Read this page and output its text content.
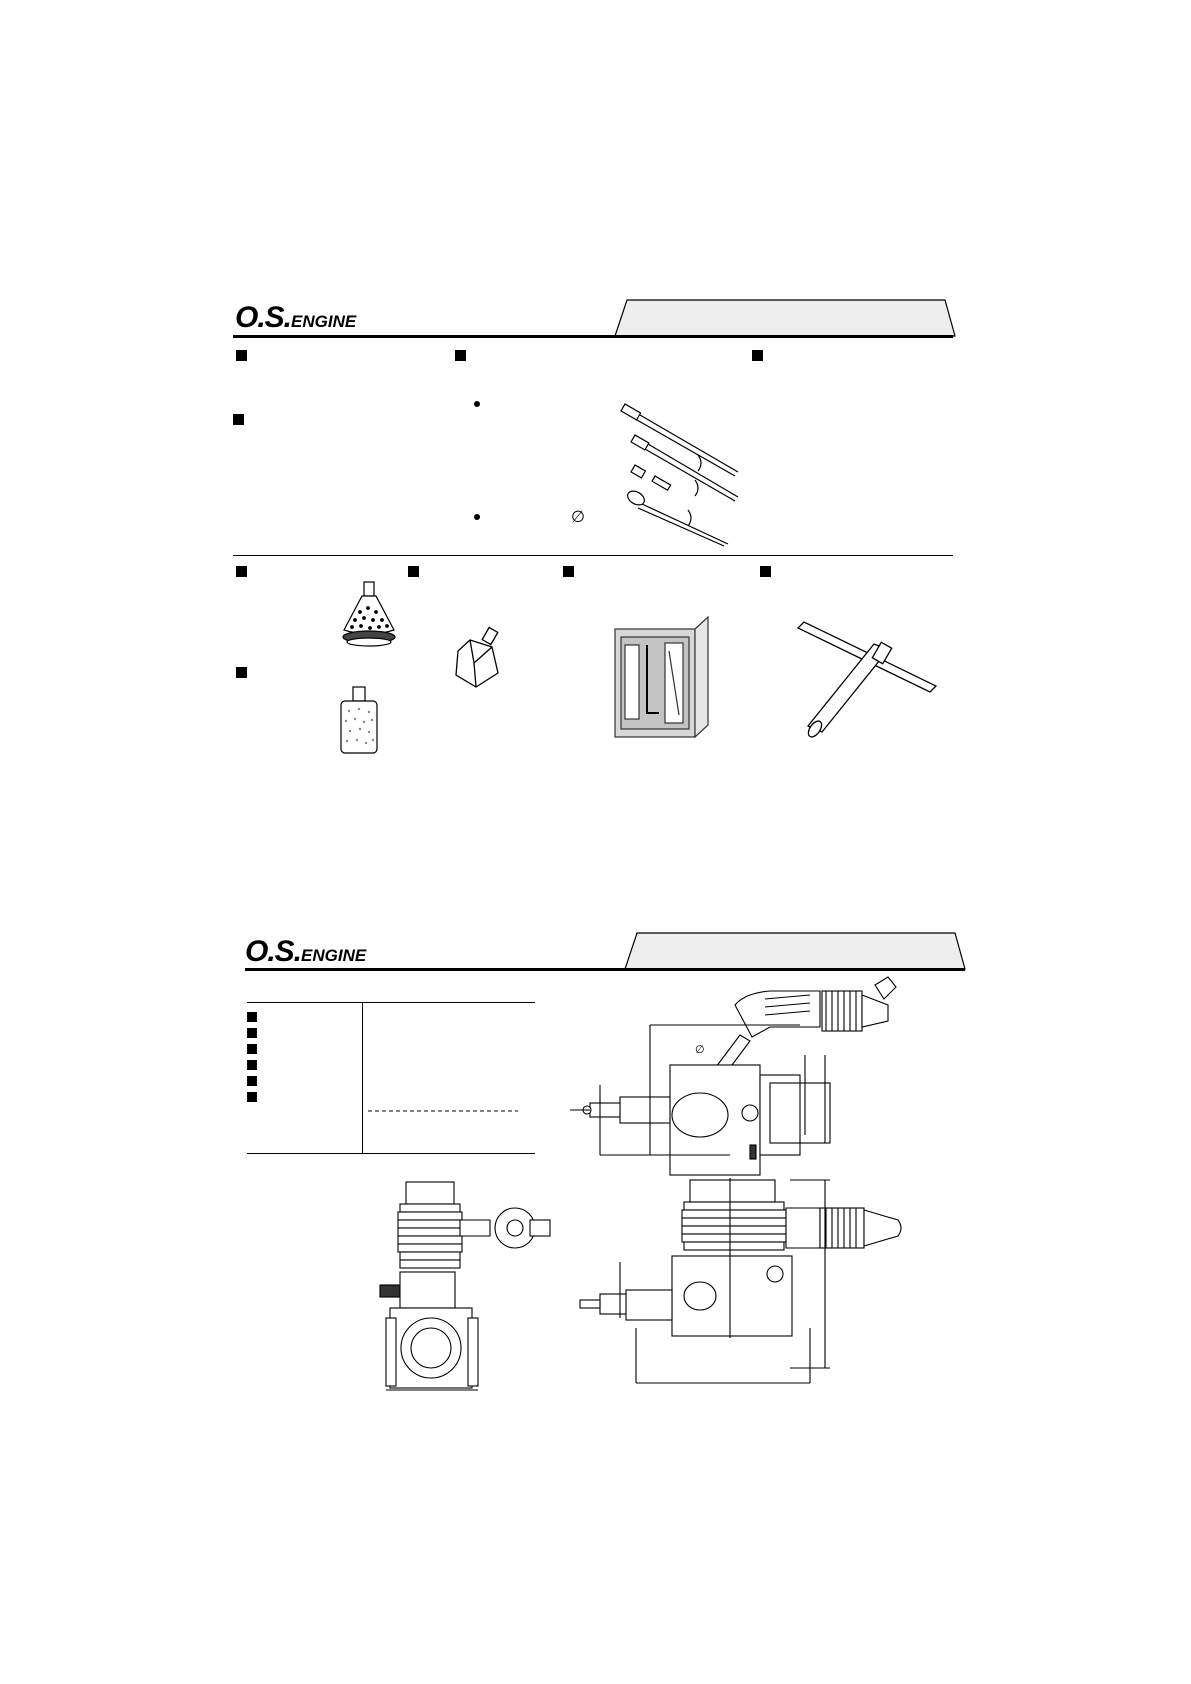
O.S.ENGINE
∅
O.S.ENGINE
∅
